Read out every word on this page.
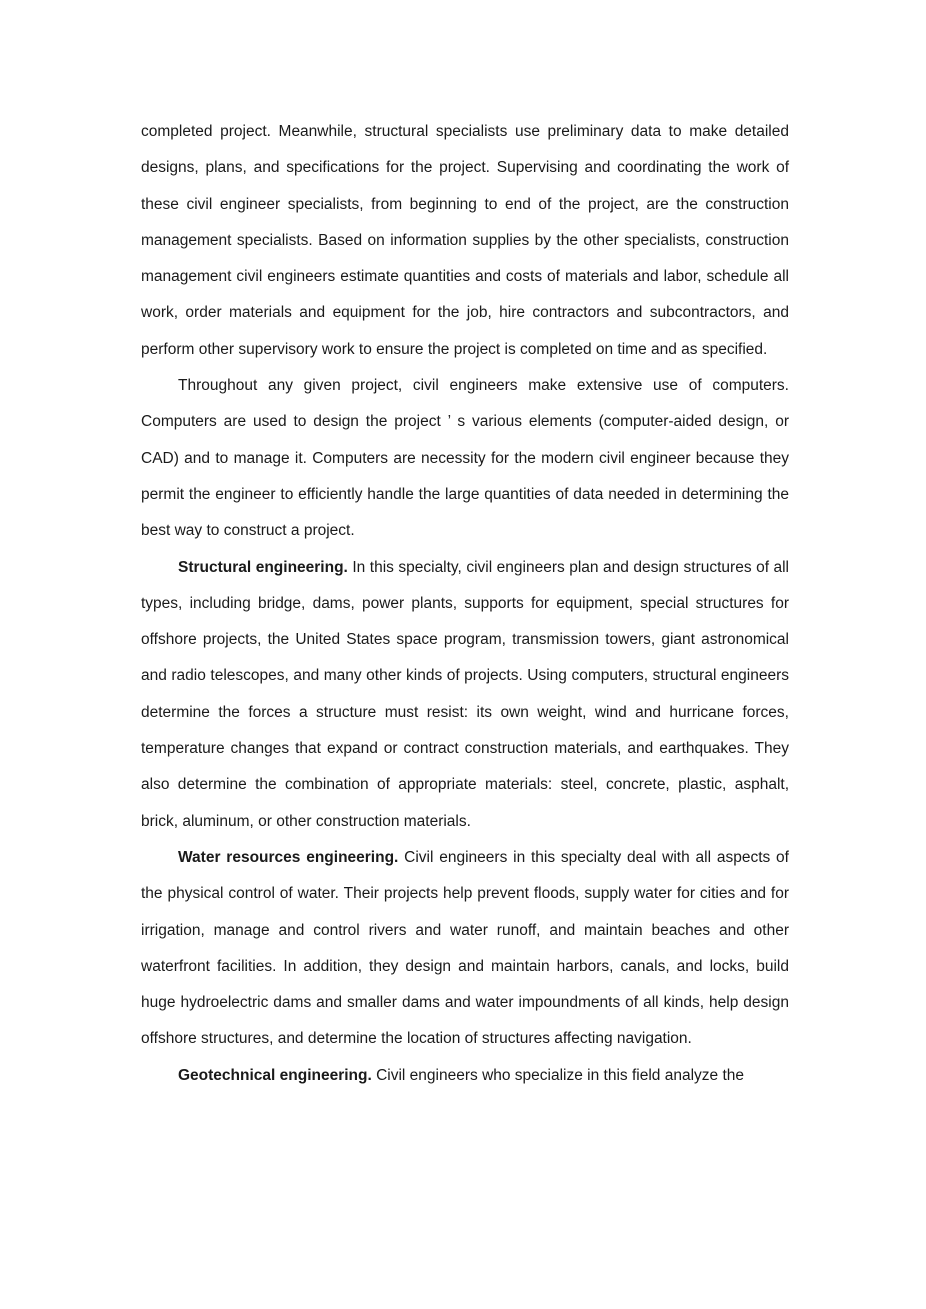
completed project. Meanwhile, structural specialists use preliminary data to make detailed designs, plans, and specifications for the project. Supervising and coordinating the work of these civil engineer specialists, from beginning to end of the project, are the construction management specialists. Based on information supplies by the other specialists, construction management civil engineers estimate quantities and costs of materials and labor, schedule all work, order materials and equipment for the job, hire contractors and subcontractors, and perform other supervisory work to ensure the project is completed on time and as specified.

Throughout any given project, civil engineers make extensive use of computers. Computers are used to design the project ’ s various elements (computer-aided design, or CAD) and to manage it. Computers are necessity for the modern civil engineer because they permit the engineer to efficiently handle the large quantities of data needed in determining the best way to construct a project.

Structural engineering. In this specialty, civil engineers plan and design structures of all types, including bridge, dams, power plants, supports for equipment, special structures for offshore projects, the United States space program, transmission towers, giant astronomical and radio telescopes, and many other kinds of projects. Using computers, structural engineers determine the forces a structure must resist: its own weight, wind and hurricane forces, temperature changes that expand or contract construction materials, and earthquakes. They also determine the combination of appropriate materials: steel, concrete, plastic, asphalt, brick, aluminum, or other construction materials.

Water resources engineering. Civil engineers in this specialty deal with all aspects of the physical control of water. Their projects help prevent floods, supply water for cities and for irrigation, manage and control rivers and water runoff, and maintain beaches and other waterfront facilities. In addition, they design and maintain harbors, canals, and locks, build huge hydroelectric dams and smaller dams and water impoundments of all kinds, help design offshore structures, and determine the location of structures affecting navigation.

Geotechnical engineering. Civil engineers who specialize in this field analyze the
